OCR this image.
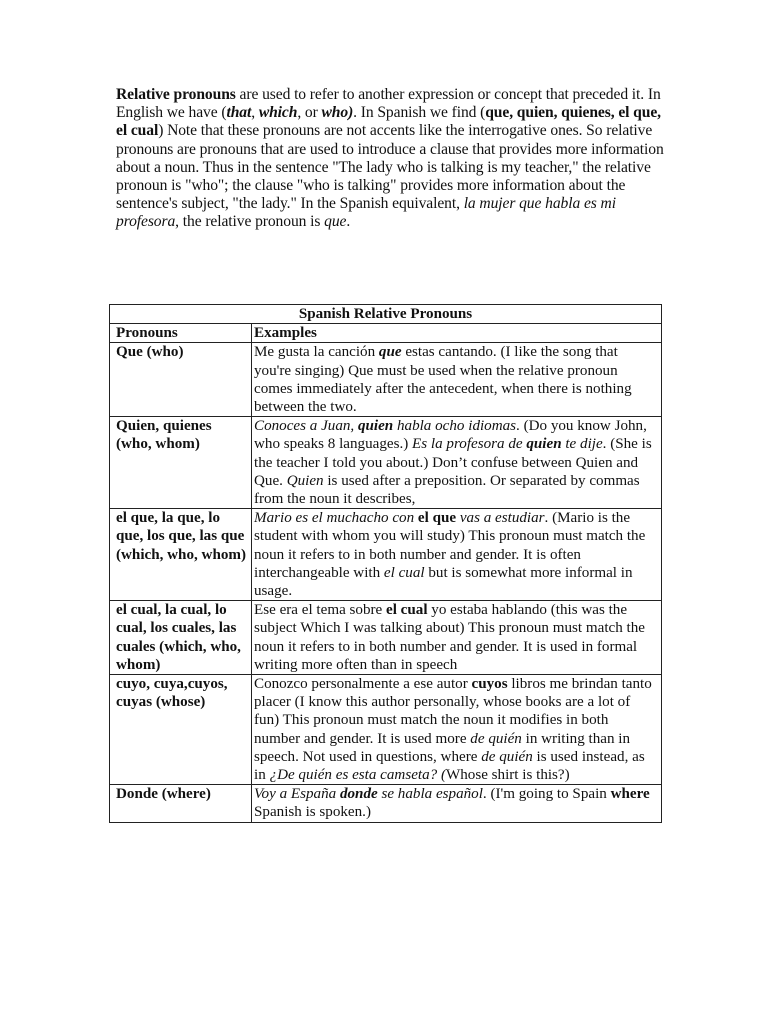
Relative pronouns are used to refer to another expression or concept that preceded it. In English we have (that, which, or who). In Spanish we find (que, quien, quienes, el que, el cual) Note that these pronouns are not accents like the interrogative ones. So relative pronouns are pronouns that are used to introduce a clause that provides more information about a noun. Thus in the sentence "The lady who is talking is my teacher," the relative pronoun is "who"; the clause "who is talking" provides more information about the sentence's subject, "the lady." In the Spanish equivalent, la mujer que habla es mi profesora, the relative pronoun is que.

Spanish Relative Pronouns	
Pronouns	Examples
Que (who)	Me gusta la canción que estas cantando. (I like the song that you're singing) Que must be used when the relative pronoun comes immediately after the antecedent, when there is nothing between the two.
Quien, quienes (who, whom)	Conoces a Juan, quien habla ocho idiomas. (Do you know John, who speaks 8 languages.) Es la profesora de quien te dije. (She is the teacher I told you about.) Don’t confuse between Quien and Que. Quien is used after a preposition. Or separated by commas from the noun it describes,
el que, la que, lo que, los que, las que (which, who, whom)	Mario es el muchacho con el que vas a estudiar. (Mario is the student with whom you will study) This pronoun must match the noun it refers to in both number and gender. It is often interchangeable with el cual but is somewhat more informal in usage.
el cual, la cual, lo cual, los cuales, las cuales (which, who, whom)	Ese era el tema sobre el cual yo estaba hablando (this was the subject Which I was talking about) This pronoun must match the noun it refers to in both number and gender. It is used in formal writing more often than in speech
cuyo, cuya,cuyos, cuyas (whose)	Conozco personalmente a ese autor cuyos libros me brindan tanto placer (I know this author personally, whose books are a lot of fun) This pronoun must match the noun it modifies in both number and gender. It is used more de quién in writing than in speech. Not used in questions, where de quién is used instead, as in ¿De quién es esta camseta? (Whose shirt is this?)
Donde (where)	Voy a España donde se habla español. (I'm going to Spain where Spanish is spoken.)
